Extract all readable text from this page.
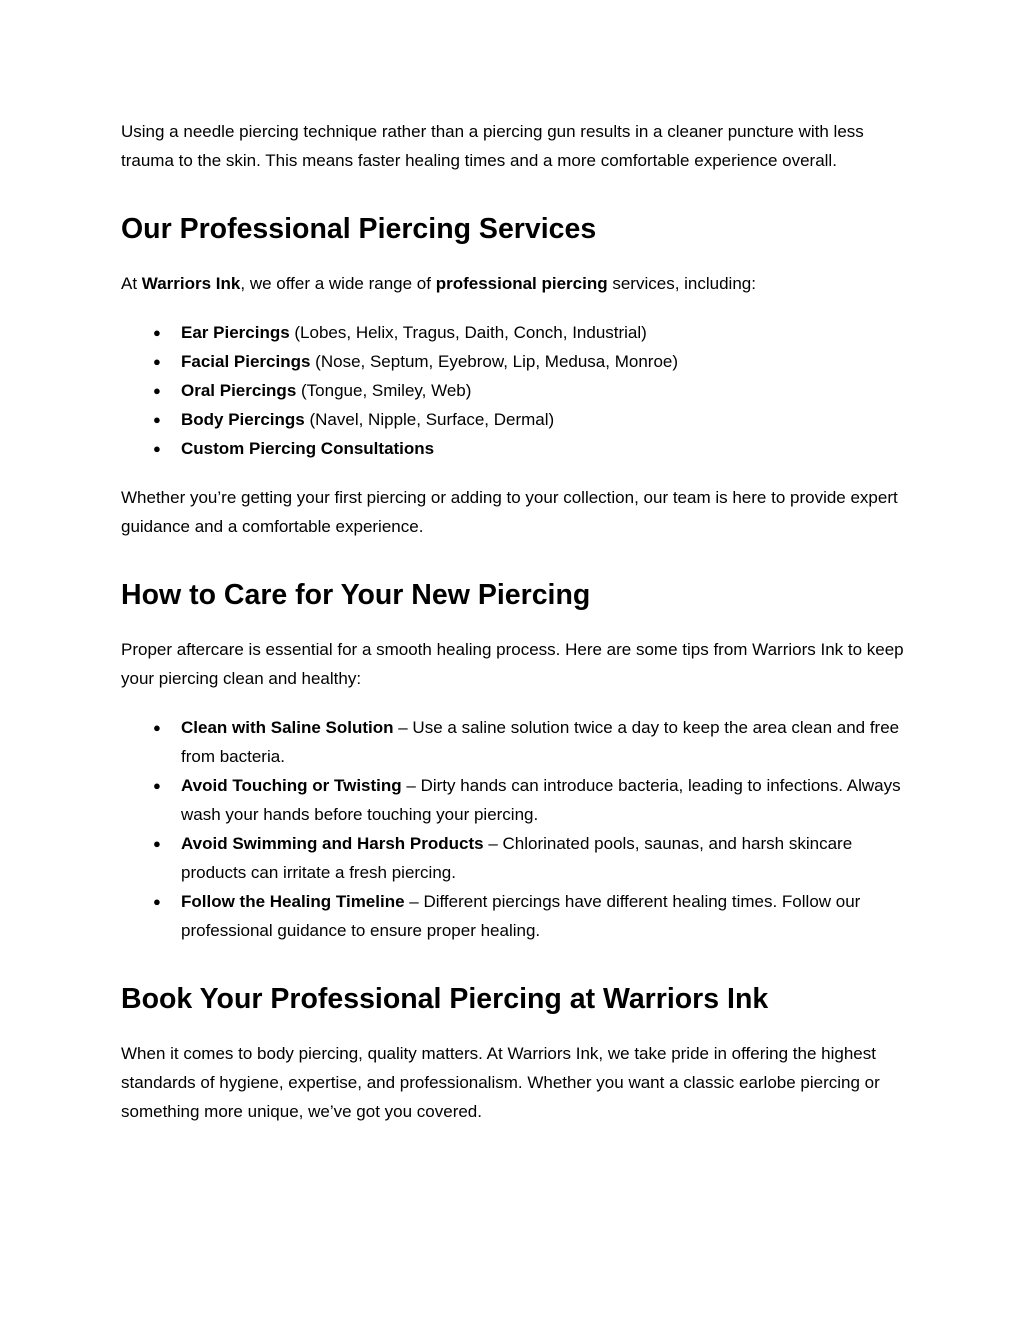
Using a needle piercing technique rather than a piercing gun results in a cleaner puncture with less trauma to the skin. This means faster healing times and a more comfortable experience overall.

Our Professional Piercing Services

At Warriors Ink, we offer a wide range of professional piercing services, including:

● Ear Piercings (Lobes, Helix, Tragus, Daith, Conch, Industrial)
● Facial Piercings (Nose, Septum, Eyebrow, Lip, Medusa, Monroe)
● Oral Piercings (Tongue, Smiley, Web)
● Body Piercings (Navel, Nipple, Surface, Dermal)
● Custom Piercing Consultations

Whether you’re getting your first piercing or adding to your collection, our team is here to provide expert guidance and a comfortable experience.

How to Care for Your New Piercing

Proper aftercare is essential for a smooth healing process. Here are some tips from Warriors Ink to keep your piercing clean and healthy:

● Clean with Saline Solution – Use a saline solution twice a day to keep the area clean and free from bacteria.
● Avoid Touching or Twisting – Dirty hands can introduce bacteria, leading to infections. Always wash your hands before touching your piercing.
● Avoid Swimming and Harsh Products – Chlorinated pools, saunas, and harsh skincare products can irritate a fresh piercing.
● Follow the Healing Timeline – Different piercings have different healing times. Follow our professional guidance to ensure proper healing.
Book Your Professional Piercing at Warriors Ink

When it comes to body piercing, quality matters. At Warriors Ink, we take pride in offering the highest standards of hygiene, expertise, and professionalism. Whether you want a classic earlobe piercing or something more unique, we’ve got you covered.
